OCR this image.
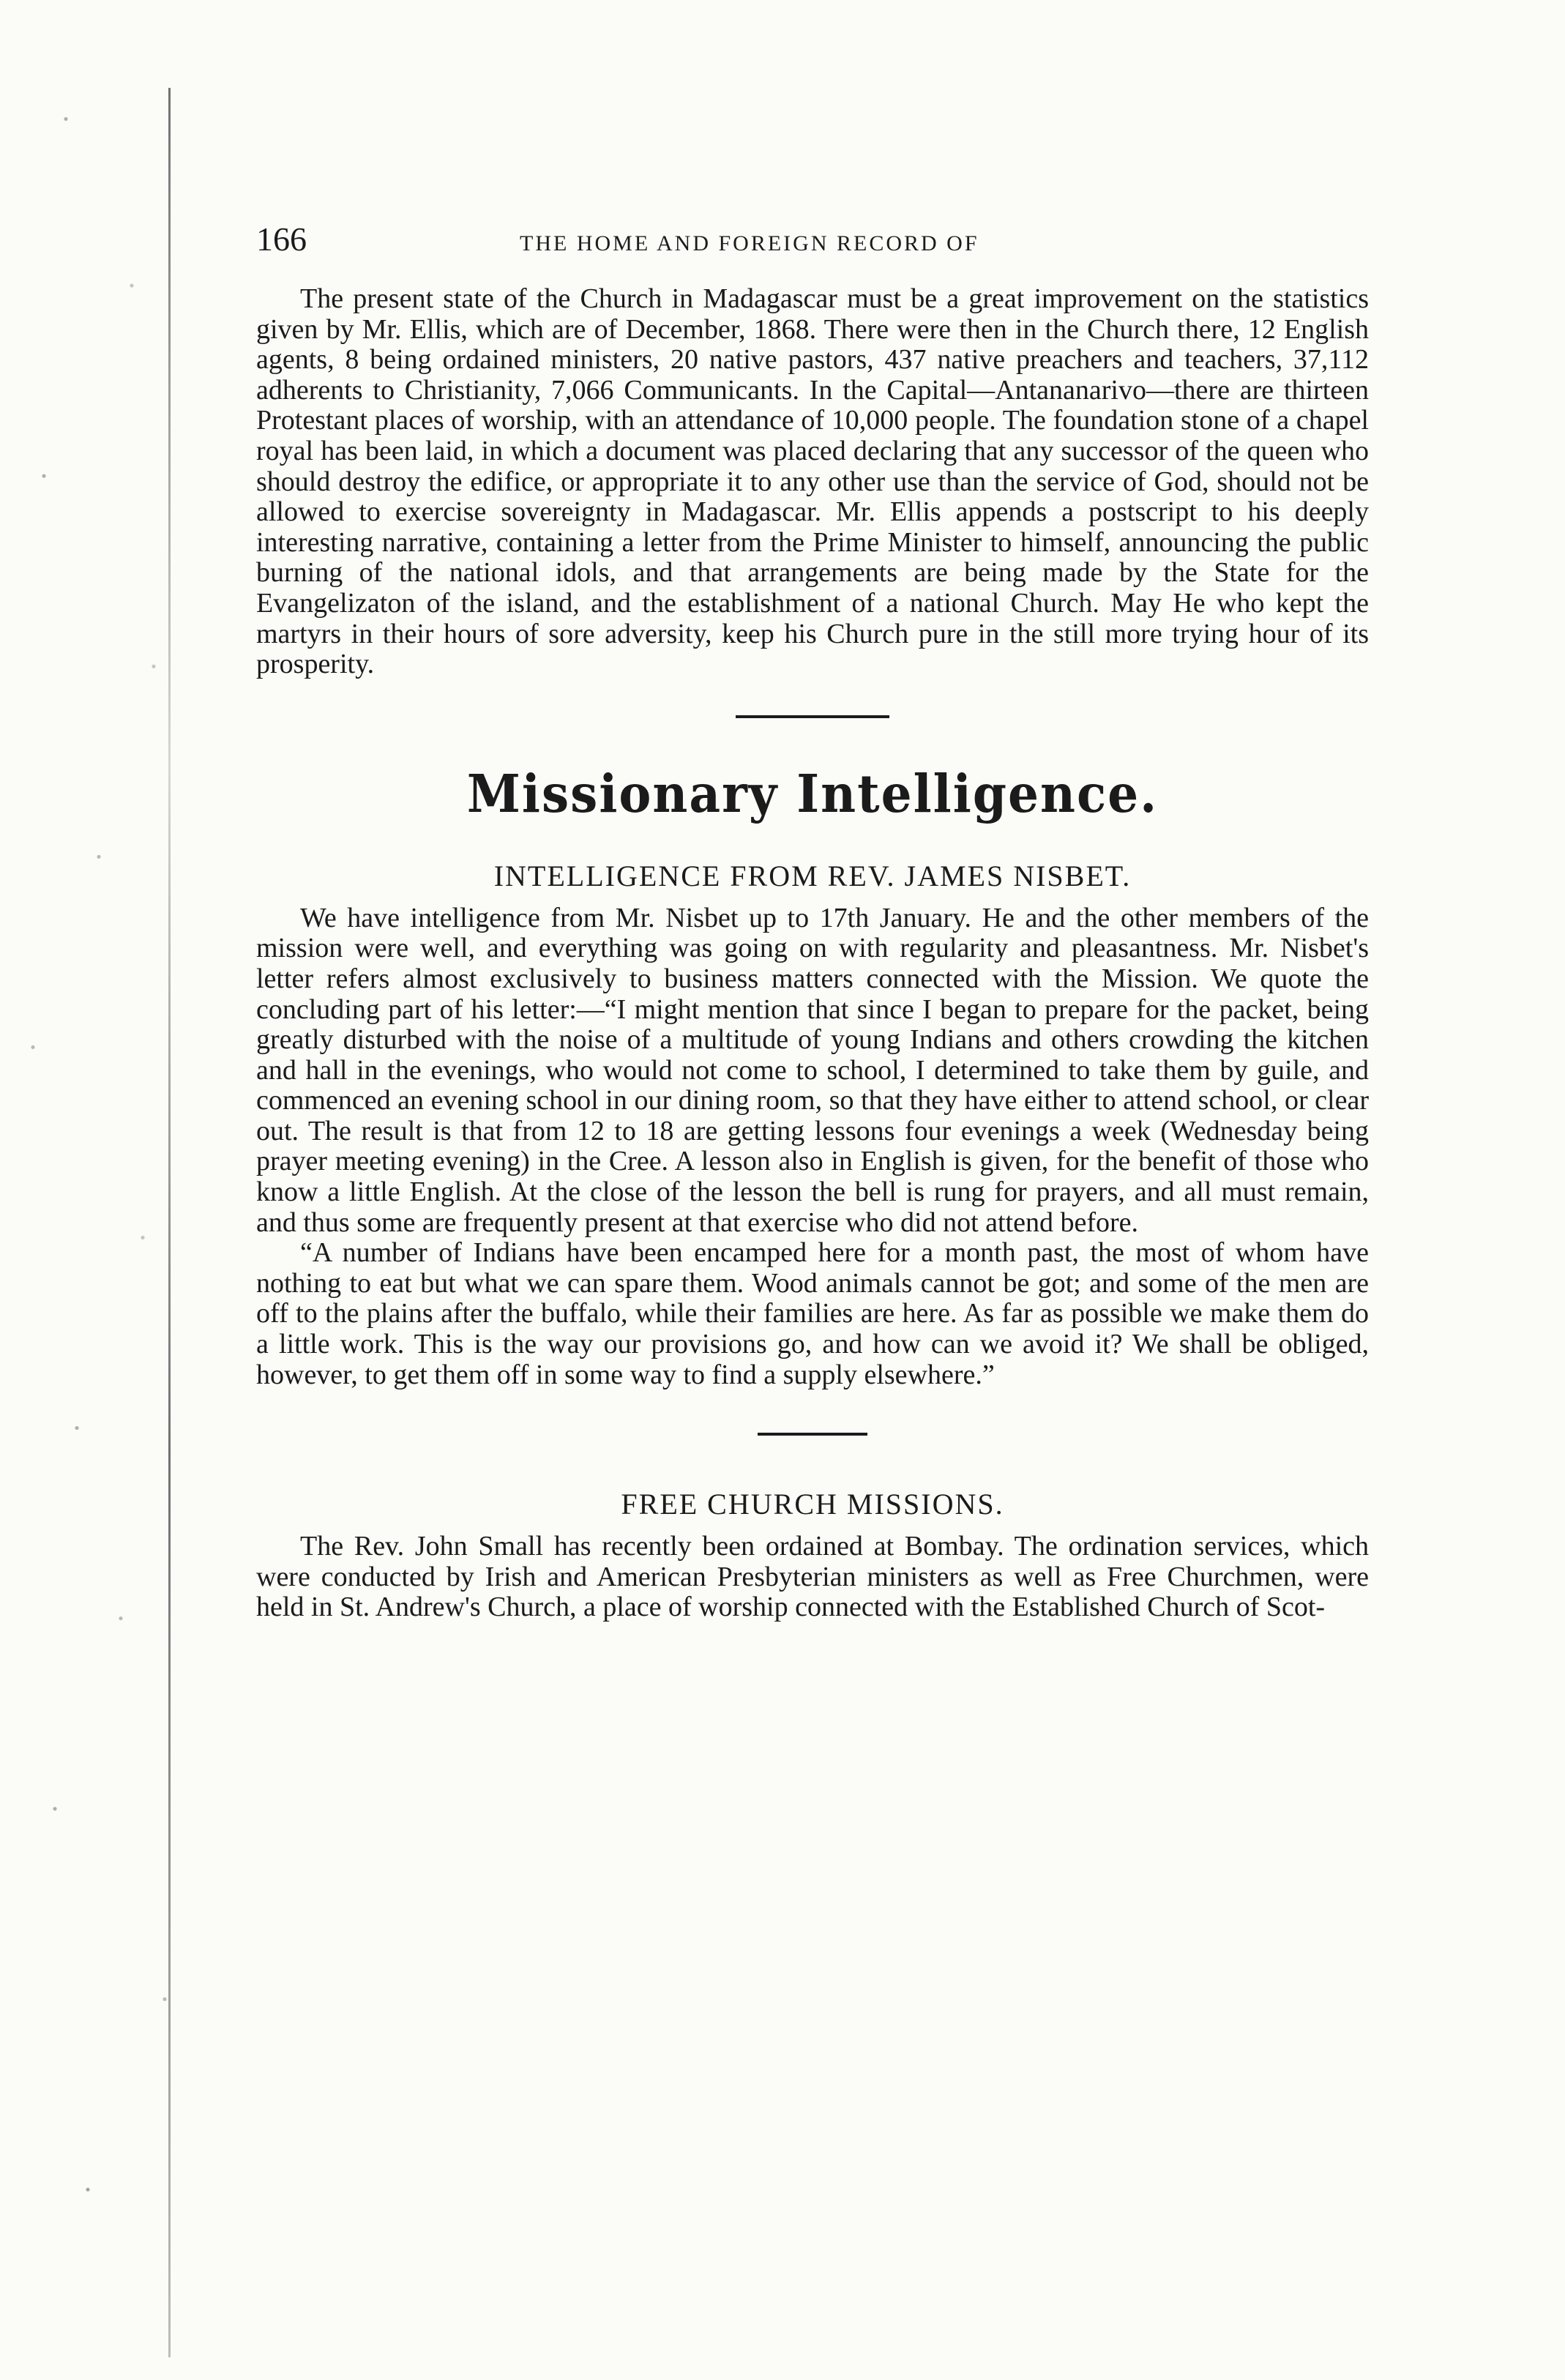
166	THE HOME AND FOREIGN RECORD OF

The present state of the Church in Madagascar must be a great improvement on the statistics given by Mr. Ellis, which are of December, 1868. There were then in the Church there, 12 English agents, 8 being ordained ministers, 20 native pastors, 437 native preachers and teachers, 37,112 adherents to Christianity, 7,066 Communicants. In the Capital—Antananarivo—there are thirteen Protestant places of worship, with an attendance of 10,000 people. The foundation stone of a chapel royal has been laid, in which a document was placed declaring that any successor of the queen who should destroy the edifice, or appropriate it to any other use than the service of God, should not be allowed to exercise sovereignty in Madagascar. Mr. Ellis appends a postscript to his deeply interesting narrative, containing a letter from the Prime Minister to himself, announcing the public burning of the national idols, and that arrangements are being made by the State for the Evangelizaton of the island, and the establishment of a national Church. May He who kept the martyrs in their hours of sore adversity, keep his Church pure in the still more trying hour of its prosperity.

Missionary Intelligence.
INTELLIGENCE FROM REV. JAMES NISBET.

We have intelligence from Mr. Nisbet up to 17th January. He and the other members of the mission were well, and everything was going on with regularity and pleasantness. Mr. Nisbet's letter refers almost exclusively to business matters connected with the Mission. We quote the concluding part of his letter:—“I might mention that since I began to prepare for the packet, being greatly disturbed with the noise of a multitude of young Indians and others crowding the kitchen and hall in the evenings, who would not come to school, I determined to take them by guile, and commenced an evening school in our dining room, so that they have either to attend school, or clear out. The result is that from 12 to 18 are getting lessons four evenings a week (Wednesday being prayer meeting evening) in the Cree. A lesson also in English is given, for the benefit of those who know a little English. At the close of the lesson the bell is rung for prayers, and all must remain, and thus some are frequently present at that exercise who did not attend before.

“A number of Indians have been encamped here for a month past, the most of whom have nothing to eat but what we can spare them. Wood animals cannot be got; and some of the men are off to the plains after the buffalo, while their families are here. As far as possible we make them do a little work. This is the way our provisions go, and how can we avoid it? We shall be obliged, however, to get them off in some way to find a supply elsewhere.”

FREE CHURCH MISSIONS.

The Rev. John Small has recently been ordained at Bombay. The ordination services, which were conducted by Irish and American Presbyterian ministers as well as Free Churchmen, were held in St. Andrew's Church, a place of worship connected with the Established Church of Scot-
